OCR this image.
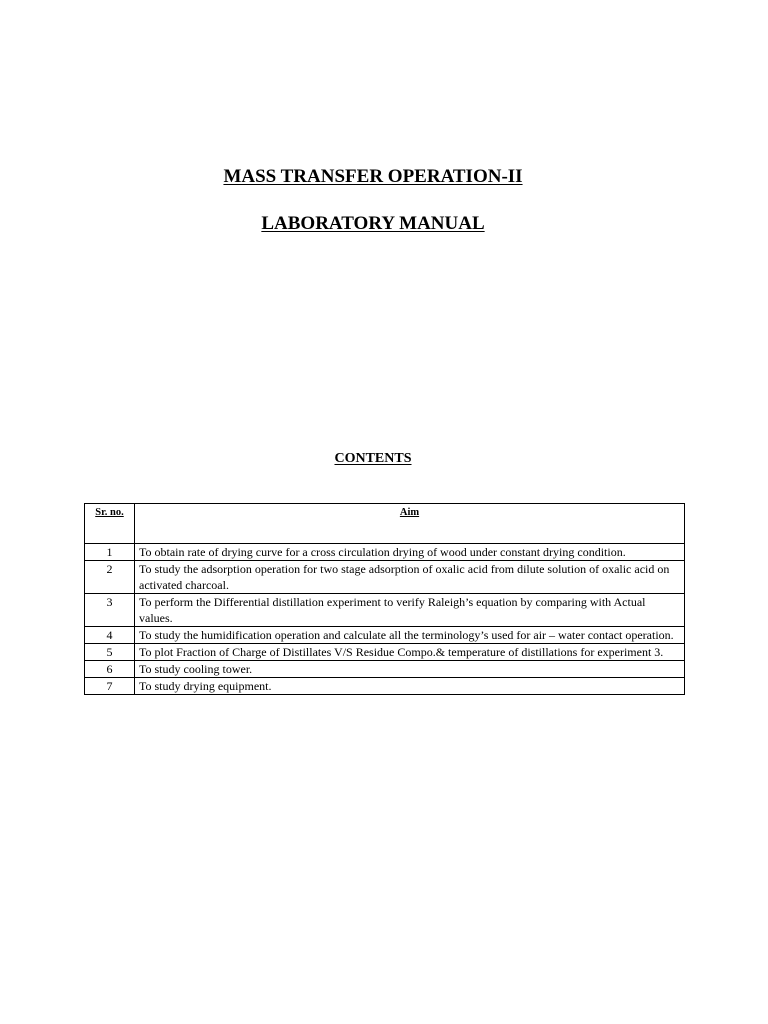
MASS TRANSFER OPERATION-II
LABORATORY MANUAL
CONTENTS
Sr. no.	Aim
1	To obtain rate of drying curve for a cross circulation drying of wood under constant drying condition.
2	To study the adsorption operation for two stage adsorption of oxalic acid from dilute solution of oxalic acid on activated charcoal.
3	To perform the Differential distillation experiment to verify Raleigh’s equation by comparing with Actual values.
4	To study the humidification operation and calculate all the terminology’s used for air – water contact operation.
5	To plot Fraction of Charge of Distillates V/S Residue Compo.& temperature of distillations for experiment 3.
6	To study cooling tower.
7	To study drying equipment.
